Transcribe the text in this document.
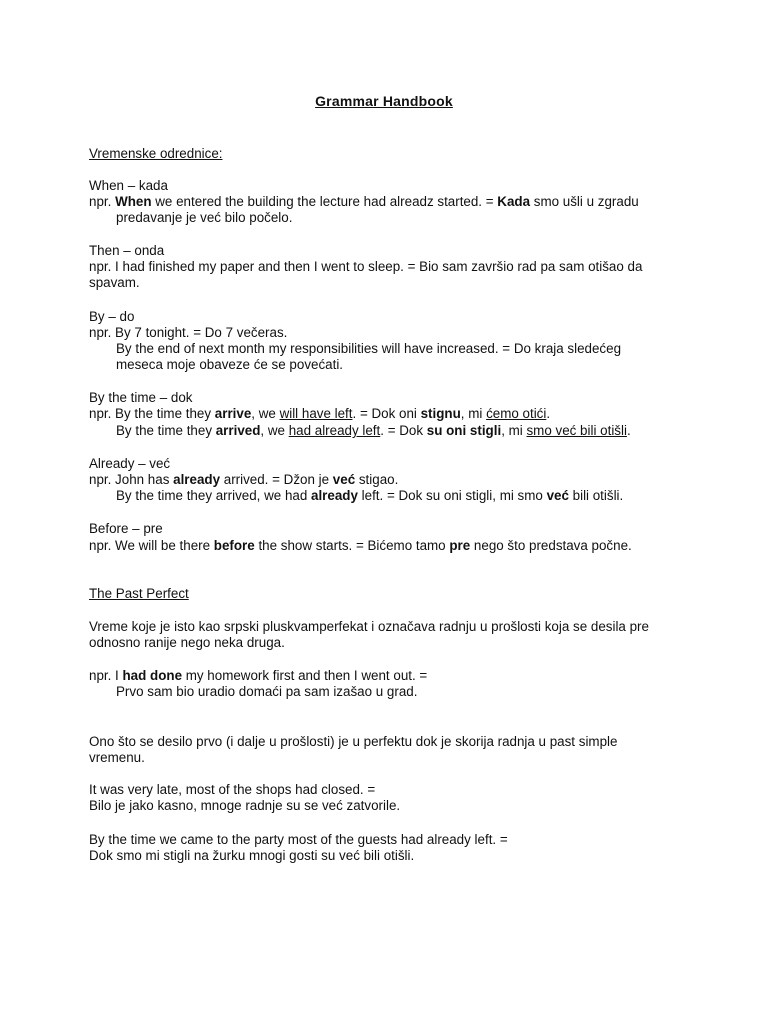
Grammar Handbook
Vremenske odrednice:
When – kada
npr. When we entered the building the lecture had alreadz started. = Kada smo ušli u zgradu
predavanje je već bilo počelo.
Then – onda
npr. I had finished my paper and then I went to sleep. = Bio sam završio rad pa sam otišao da
spavam.
By – do
npr. By 7 tonight. = Do 7 večeras.
By the end of next month my responsibilities will have increased. = Do kraja sledećeg
meseca moje obaveze će se povećati.
By the time – dok
npr. By the time they arrive, we will have left. = Dok oni stignu, mi ćemo otići.
By the time they arrived, we had already left. = Dok su oni stigli, mi smo već bili otišli.
Already – već
npr. John has already arrived. = Džon je već stigao.
By the time they arrived, we had already left. = Dok su oni stigli, mi smo već bili otišli.
Before – pre
npr. We will be there before the show starts. = Bićemo tamo pre nego što predstava počne.
The Past Perfect
Vreme koje je isto kao srpski pluskvamperfekat i označava radnju u prošlosti koja se desila pre
odnosno ranije nego neka druga.
npr. I had done my homework first and then I went out. =
Prvo sam bio uradio domaći pa sam izašao u grad.
Ono što se desilo prvo (i dalje u prošlosti) je u perfektu dok je skorija radnja u past simple
vremenu.
It was very late, most of the shops had closed. =
Bilo je jako kasno, mnoge radnje su se već zatvorile.
By the time we came to the party most of the guests had already left. =
Dok smo mi stigli na žurku mnogi gosti su već bili otišli.
